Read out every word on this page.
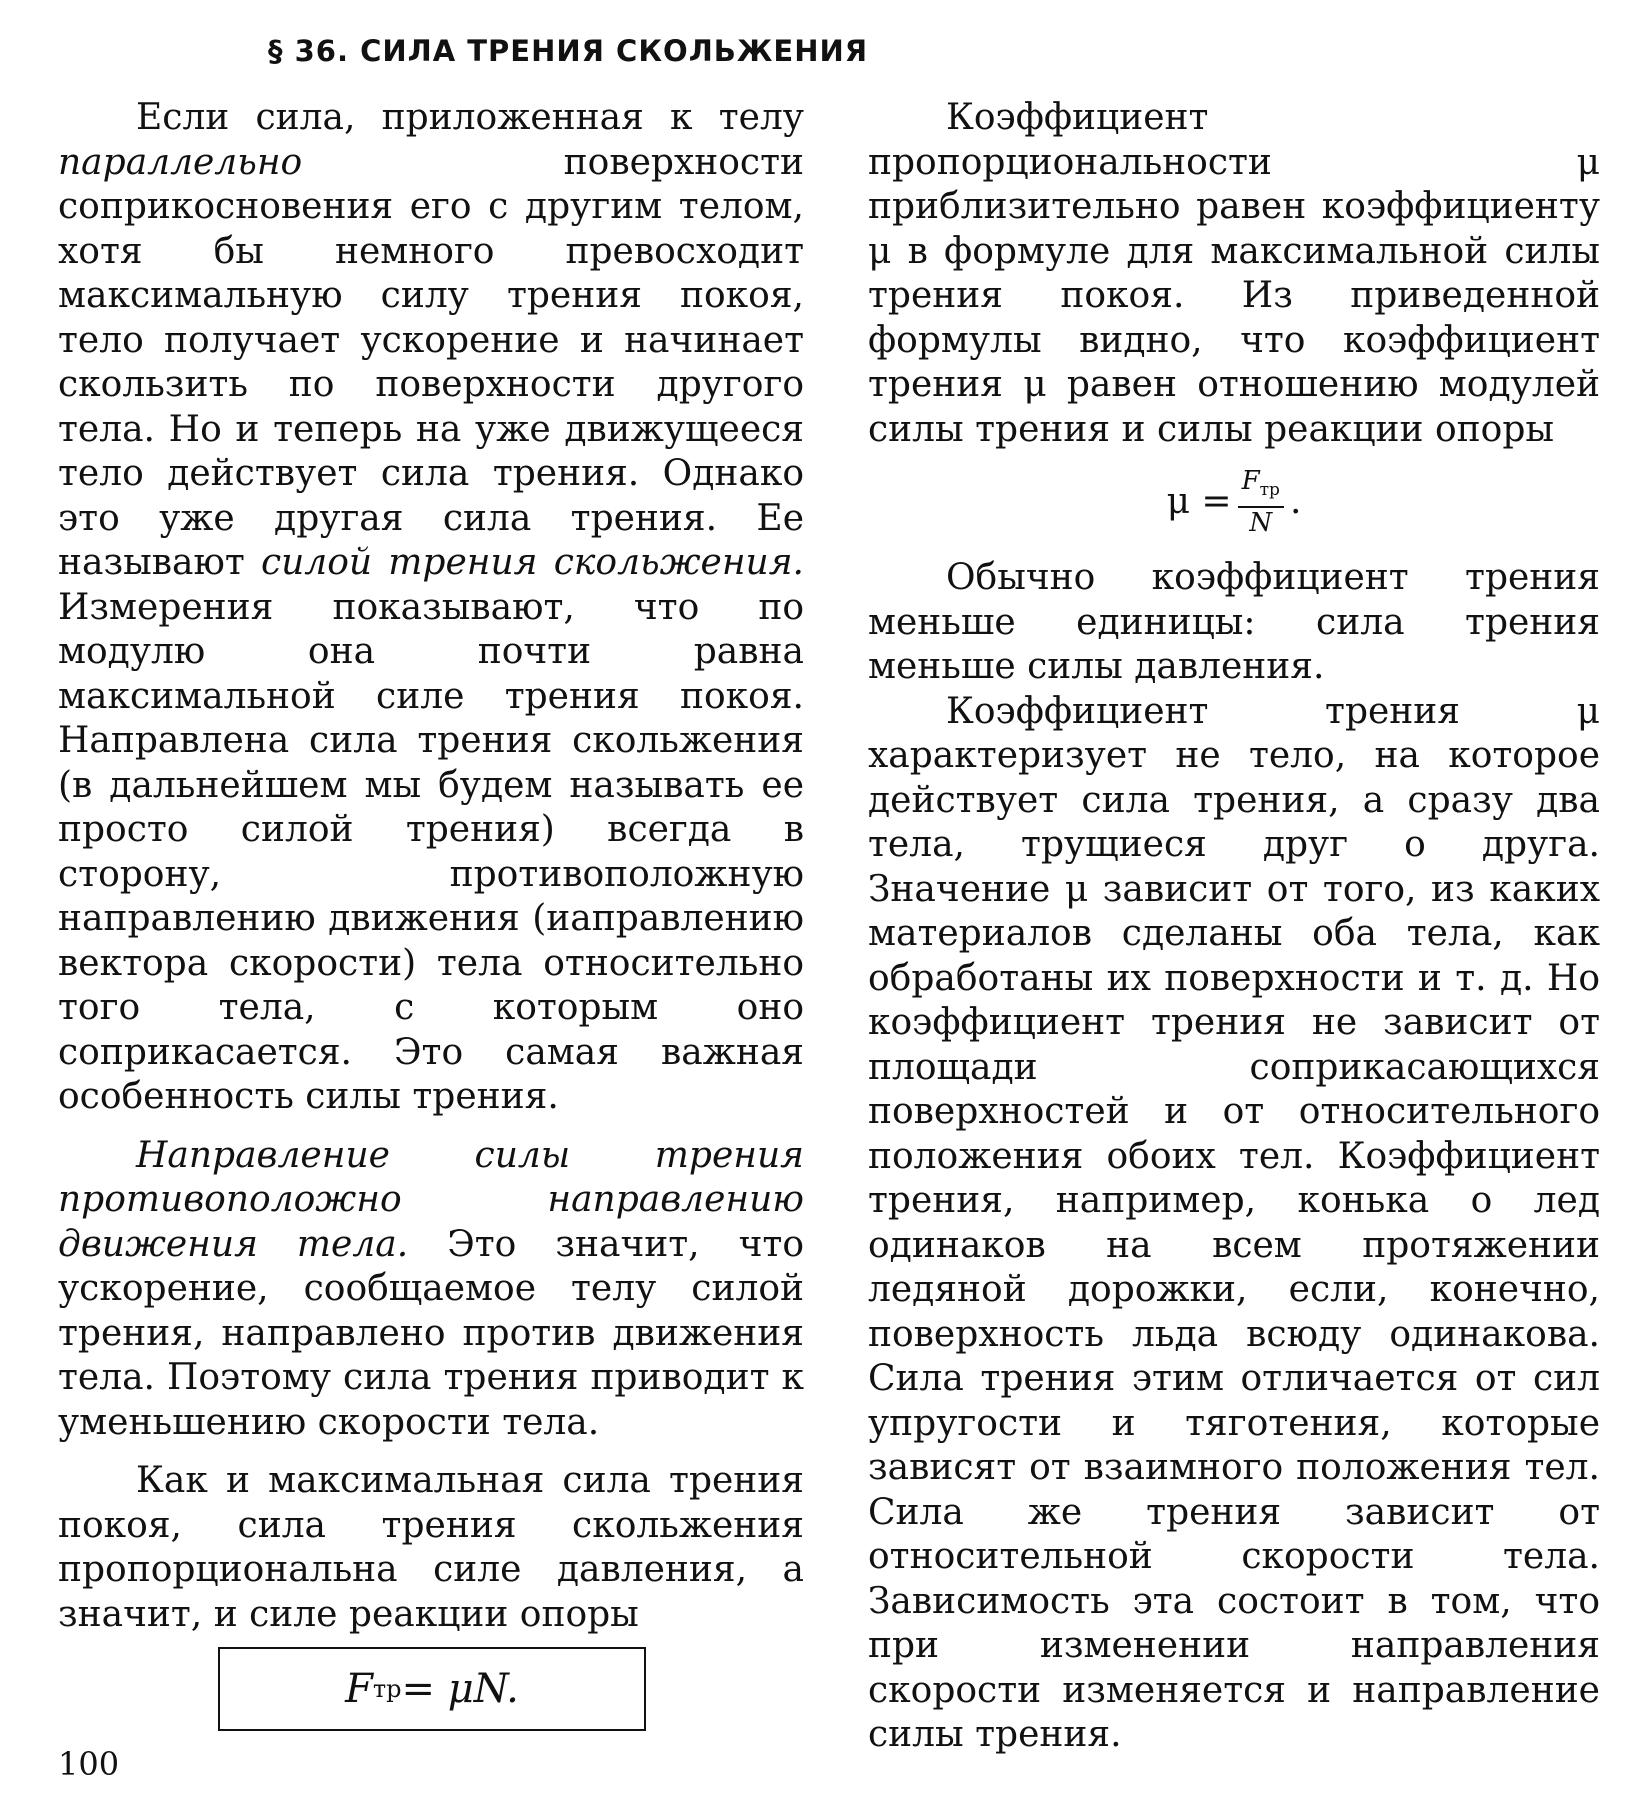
§ 36. СИЛА ТРЕНИЯ СКОЛЬЖЕНИЯ

Если сила, приложенная к телу параллельно поверхности соприкосновения его с другим телом, хотя бы немного превосходит максимальную силу трения покоя, тело получает ускорение и начинает скользить по поверхности другого тела. Но и теперь на уже движущееся тело действует сила трения. Однако это уже другая сила трения. Ее называют силой трения скольжения. Измерения показывают, что по модулю она почти равна максимальной силе трения покоя. Направлена сила трения скольжения (в дальнейшем мы будем называть ее просто силой трения) всегда в сторону, противоположную направлению движения (иаправлению вектора скорости) тела относительно того тела, с которым оно соприкасается. Это самая важная особенность силы трения.

Направление силы трения противоположно направлению движения тела. Это значит, что ускорение, сообщаемое телу силой трения, направлено против движения тела. Поэтому сила трения приводит к уменьшению скорости тела.

Как и максимальная сила трения покоя, сила трения скольжения пропорциональна силе давления, а значит, и силе реакции опоры

F тр = μN.

Коэффициент пропорциональности μ приблизительно равен коэффициенту μ в формуле для максимальной силы трения покоя. Из приведенной формулы видно, что коэффициент трения μ равен отношению модулей силы трения и силы реакции опоры

$\mu = \frac{F_{тр}}{N}$ .

Обычно коэффициент трения меньше единицы: сила трения меньше силы давления.

Коэффициент трения μ характеризует не тело, на которое действует сила трения, а сразу два тела, трущиеся друг о друга. Значение μ зависит от того, из каких материалов сделаны оба тела, как обработаны их поверхности и т. д. Но коэффициент трения не зависит от площади соприкасающихся поверхностей и от относительного положения обоих тел. Коэффициент трения, например, конька о лед одинаков на всем протяжении ледяной дорожки, если, конечно, поверхность льда всюду одинакова. Сила трения этим отличается от сил упругости и тяготения, которые зависят от взаимного положения тел. Сила же трения зависит от относительной скорости тела. Зависимость эта состоит в том, что при изменении направления скорости изменяется и направление силы трения.

100
